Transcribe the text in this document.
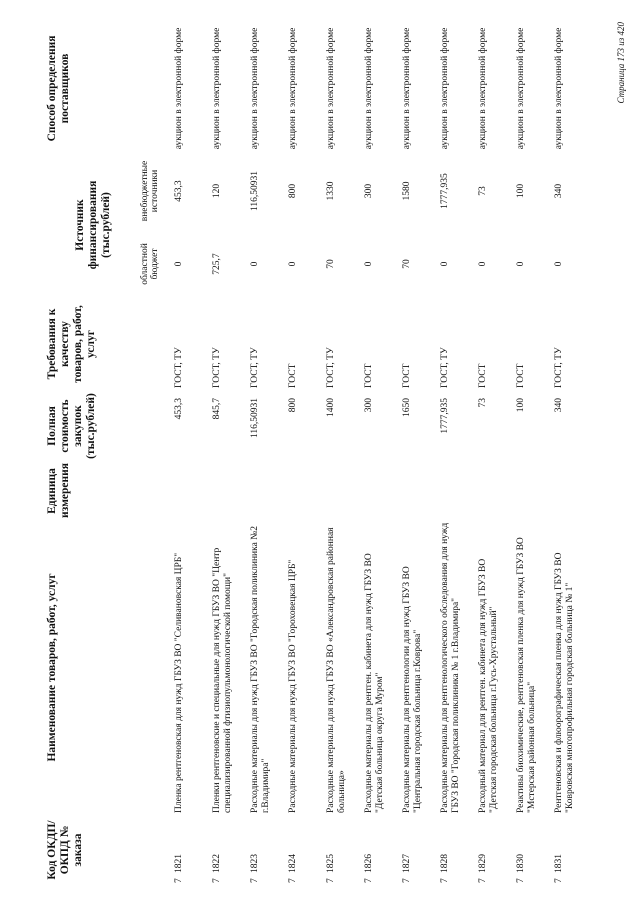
Код ОКДП/ ОКПД № заказа	Наименование товаров, работ, услуг	Единица измерения	Полная стоимость закупок (тыс.рублей)	Требования к качеству товаров, работ, услуг	Источник финансирования (тыс.рублей)		Способ определения поставщиков
					областной бюджет	внебюджетные источники	
71821	Пленка рентгеновская для нужд ГБУЗ ВО "Селивановская ЦРБ"		453,3	ГОСТ, ТУ	0	453,3	аукцион в электронной форме
71822	Пленки рентгеновские и специальные для нужд ГБУЗ ВО "Центр специализированной фтизиопульмонологической помощи"		845,7	ГОСТ, ТУ	725,7	120	аукцион в электронной форме
71823	Расходные материалы для нужд ГБУЗ ВО "Городская поликлиника №2 г.Владимира"		116,50931	ГОСТ, ТУ	0	116,50931	аукцион в электронной форме
71824	Расходные материалы для нужд ГБУЗ ВО "Гороховецкая ЦРБ"		800	ГОСТ	0	800	аукцион в электронной форме
71825	Расходные материалы для нужд ГБУЗ ВО «Александровская районная больница»		1400	ГОСТ, ТУ	70	1330	аукцион в электронной форме
71826	Расходные материалы для рентген. кабинета для нужд ГБУЗ ВО "Детская больница округа Муром"		300	ГОСТ	0	300	аукцион в электронной форме
71827	Расходные материалы для рентгенологии для нужд ГБУЗ ВО "Центральная городская больница г.Коврова"		1650	ГОСТ	70	1580	аукцион в электронной форме
71828	Расходные материалы для рентгенологического обследования для нужд ГБУЗ ВО "Городская поликлиника № 1 г.Владимира"		1777,935	ГОСТ, ТУ	0	1777,935	аукцион в электронной форме
71829	Расходный материал для рентген. кабинета для нужд ГБУЗ ВО "Детская городская больница г.Гусь-Хрустальный"		73	ГОСТ	0	73	аукцион в электронной форме
71830	Реактивы биохимические, рентгеновская пленка для нужд ГБУЗ ВО "Мстерская районная больница"		100	ГОСТ	0	100	аукцион в электронной форме
71831	Рентгеновская и флюорографическая пленка для нужд ГБУЗ ВО "Ковровская многопрофильная городская больница № 1"		340	ГОСТ, ТУ	0	340	аукцион в электронной форме	Страница 173 из 420
